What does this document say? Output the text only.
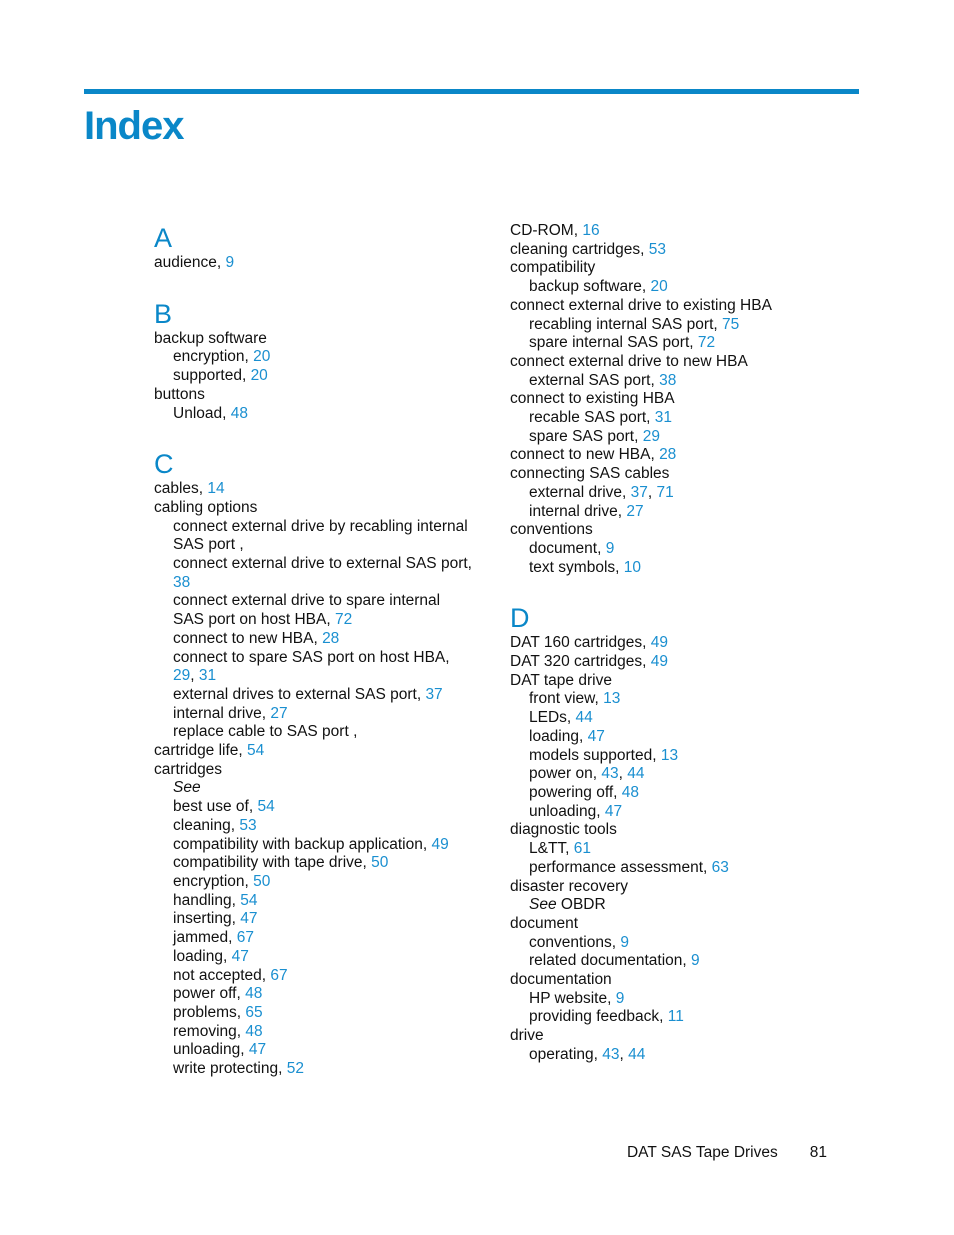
Index
A
audience, 9
B
backup software
encryption, 20
supported, 20
buttons
Unload, 48
C
cables, 14
cabling options
connect external drive by recabling internal SAS port ,
connect external drive to external SAS port, 38
connect external drive to spare internal SAS port on host HBA, 72
connect to new HBA, 28
connect to spare SAS port on host HBA, 29, 31
external drives to external SAS port, 37
internal drive, 27
replace cable to SAS port ,
cartridge life, 54
cartridges
See
best use of, 54
cleaning, 53
compatibility with backup application, 49
compatibility with tape drive, 50
encryption, 50
handling, 54
inserting, 47
jammed, 67
loading, 47
not accepted, 67
power off, 48
problems, 65
removing, 48
unloading, 47
write protecting, 52
CD-ROM, 16
cleaning cartridges, 53
compatibility
backup software, 20
connect external drive to existing HBA
recabling internal SAS port, 75
spare internal SAS port, 72
connect external drive to new HBA
external SAS port, 38
connect to existing HBA
recable SAS port, 31
spare SAS port, 29
connect to new HBA, 28
connecting SAS cables
external drive, 37, 71
internal drive, 27
conventions
document, 9
text symbols, 10
D
DAT 160 cartridges, 49
DAT 320 cartridges, 49
DAT tape drive
front view, 13
LEDs, 44
loading, 47
models supported, 13
power on, 43, 44
powering off, 48
unloading, 47
diagnostic tools
L&TT, 61
performance assessment, 63
disaster recovery
See OBDR
document
conventions, 9
related documentation, 9
documentation
HP website, 9
providing feedback, 11
drive
operating, 43, 44
DAT SAS Tape Drives 81
